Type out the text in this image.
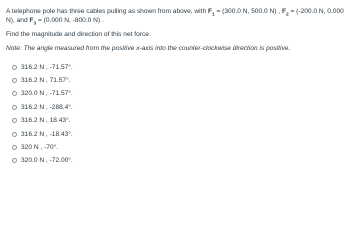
A telephone pole has three cables pulling as shown from above, with $F_1 = (300.0$ N, 500.0 N) , $F_2 = (-200.0$ N, 0.000
N), and $F_3 = (0.000$ N, -800.0 N) .

Find the magnitude and direction of this net force.
Note: The angle measured from the positive x-axis into the counter-clockwise direction is positive.
316.2 N , -71.57°.
316.2 N , 71.57°.
320.0 N , -71.57°.
316.2 N , -288.4°.
316.2 N , 18.43°.
316.2 N , -18.43°.
320 N , -70°.
320.0 N , -72.00°.
